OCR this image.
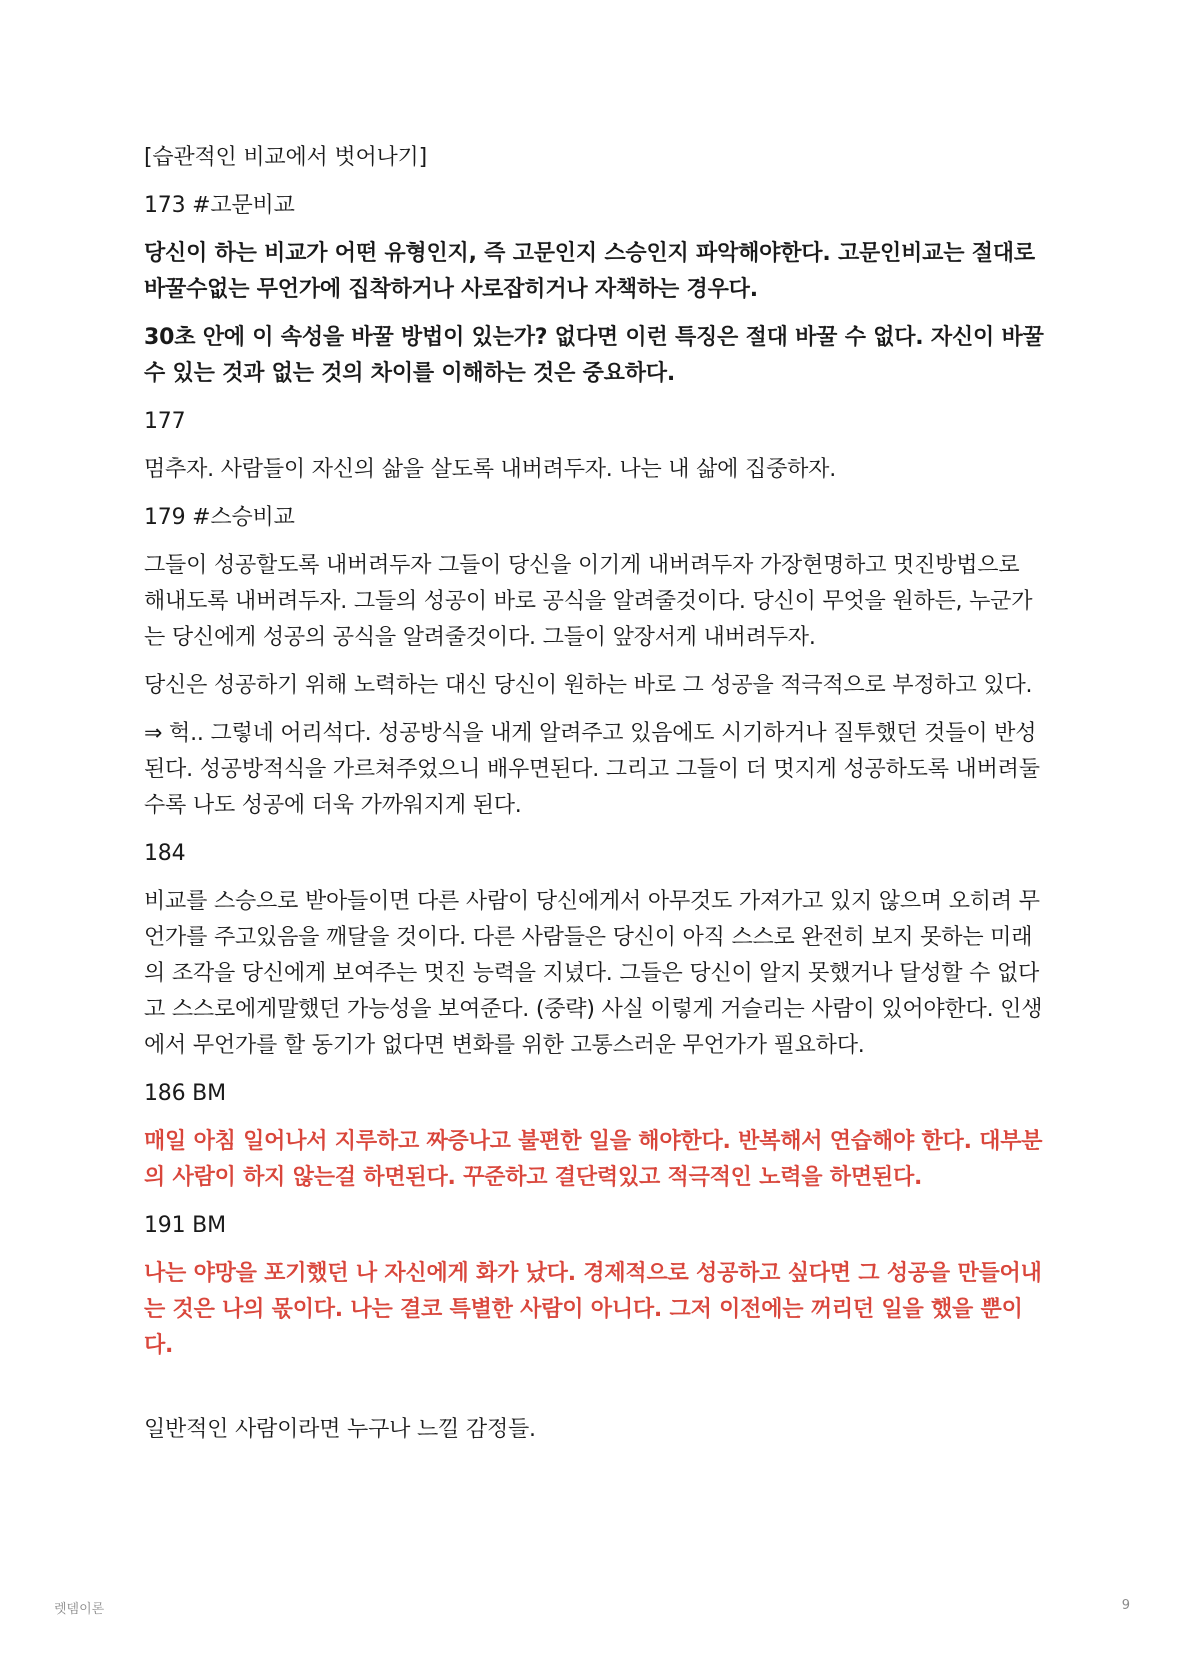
[습관적인 비교에서 벗어나기]

173 #고문비교

당신이 하는 비교가 어떤 유형인지, 즉 고문인지 스승인지 파악해야한다. 고문인비교는 절대로 바꿀수없는 무언가에 집착하거나 사로잡히거나 자책하는 경우다.

30초 안에 이 속성을 바꿀 방법이 있는가? 없다면 이런 특징은 절대 바꿀 수 없다. 자신이 바꿀 수 있는 것과 없는 것의 차이를 이해하는 것은 중요하다.

177

멈추자. 사람들이 자신의 삶을 살도록 내버려두자. 나는 내 삶에 집중하자.

179 #스승비교

그들이 성공할도록 내버려두자 그들이 당신을 이기게 내버려두자 가장현명하고 멋진방법으로 해내도록 내버려두자. 그들의 성공이 바로 공식을 알려줄것이다. 당신이 무엇을 원하든, 누군가는 당신에게 성공의 공식을 알려줄것이다. 그들이 앞장서게 내버려두자.

당신은 성공하기 위해 노력하는 대신 당신이 원하는 바로 그 성공을 적극적으로 부정하고 있다.

⇒ 헉.. 그렇네 어리석다. 성공방식을 내게 알려주고 있음에도 시기하거나 질투했던 것들이 반성된다. 성공방적식을 가르쳐주었으니 배우면된다. 그리고 그들이 더 멋지게 성공하도록 내버려둘수록 나도 성공에 더욱 가까워지게 된다.

184

비교를 스승으로 받아들이면 다른 사람이 당신에게서 아무것도 가져가고 있지 않으며 오히려 무언가를 주고있음을 깨달을 것이다. 다른 사람들은 당신이 아직 스스로 완전히 보지 못하는 미래의 조각을 당신에게 보여주는 멋진 능력을 지녔다. 그들은 당신이 알지 못했거나 달성할 수 없다고 스스로에게말했던 가능성을 보여준다. (중략) 사실 이렇게 거슬리는 사람이 있어야한다. 인생에서 무언가를 할 동기가 없다면 변화를 위한 고통스러운 무언가가 필요하다.

186 BM

매일 아침 일어나서 지루하고 짜증나고 불편한 일을 해야한다. 반복해서 연습해야 한다. 대부분의 사람이 하지 않는걸 하면된다. 꾸준하고 결단력있고 적극적인 노력을 하면된다.

191 BM

나는 야망을 포기했던 나 자신에게 화가 났다. 경제적으로 성공하고 싶다면 그 성공을 만들어내는 것은 나의 몫이다. 나는 결코 특별한 사람이 아니다. 그저 이전에는 꺼리던 일을 했을 뿐이다.

일반적인 사람이라면 누구나 느낄 감정들.

렛뎀이론	9
